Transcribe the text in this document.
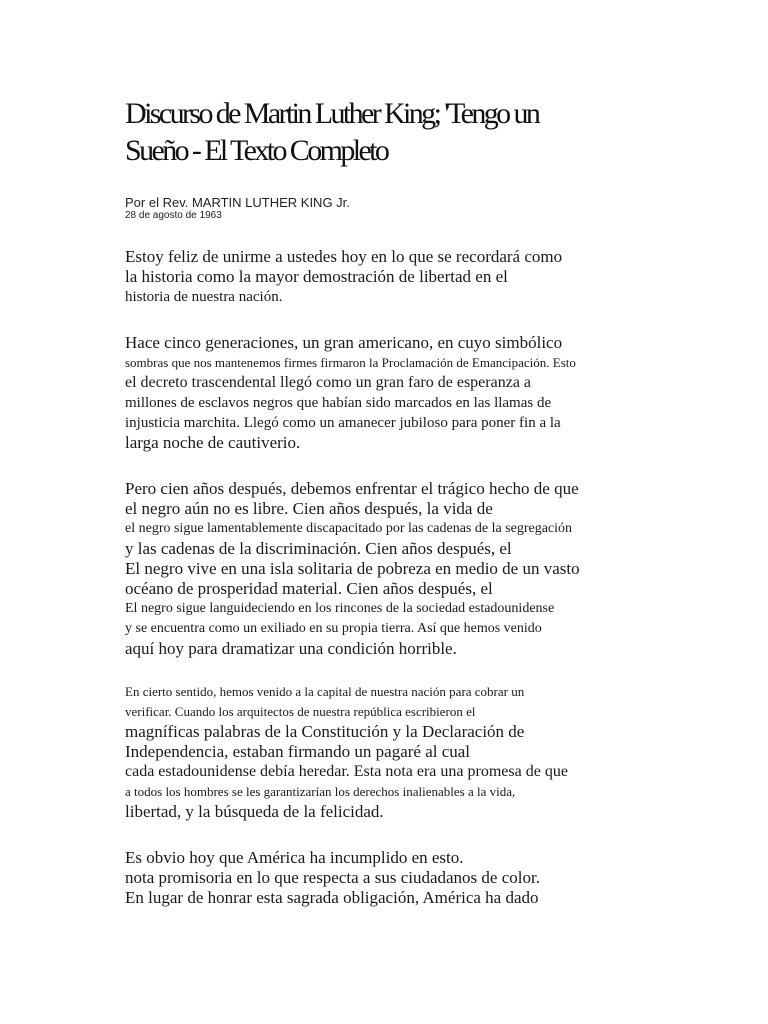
Discurso de Martin Luther King; 'Tengo un
Sueño - El Texto Completo
Por el Rev. MARTIN LUTHER KING Jr.
28 de agosto de 1963
Estoy feliz de unirme a ustedes hoy en lo que se recordará como
la historia como la mayor demostración de libertad en el
historia de nuestra nación.
Hace cinco generaciones, un gran americano, en cuyo simbólico
sombras que nos mantenemos firmes firmaron la Proclamación de Emancipación. Esto
el decreto trascendental llegó como un gran faro de esperanza a
millones de esclavos negros que habían sido marcados en las llamas de
injusticia marchita. Llegó como un amanecer jubiloso para poner fin a la
larga noche de cautiverio.
Pero cien años después, debemos enfrentar el trágico hecho de que
el negro aún no es libre. Cien años después, la vida de
el negro sigue lamentablemente discapacitado por las cadenas de la segregación
y las cadenas de la discriminación. Cien años después, el
El negro vive en una isla solitaria de pobreza en medio de un vasto
océano de prosperidad material. Cien años después, el
El negro sigue languideciendo en los rincones de la sociedad estadounidense
y se encuentra como un exiliado en su propia tierra. Así que hemos venido
aquí hoy para dramatizar una condición horrible.
En cierto sentido, hemos venido a la capital de nuestra nación para cobrar un
verificar. Cuando los arquitectos de nuestra república escribieron el
magníficas palabras de la Constitución y la Declaración de
Independencia, estaban firmando un pagaré al cual
cada estadounidense debía heredar. Esta nota era una promesa de que
a todos los hombres se les garantizarían los derechos inalienables a la vida,
libertad, y la búsqueda de la felicidad.
Es obvio hoy que América ha incumplido en esto.
nota promisoria en lo que respecta a sus ciudadanos de color.
En lugar de honrar esta sagrada obligación, América ha dado
